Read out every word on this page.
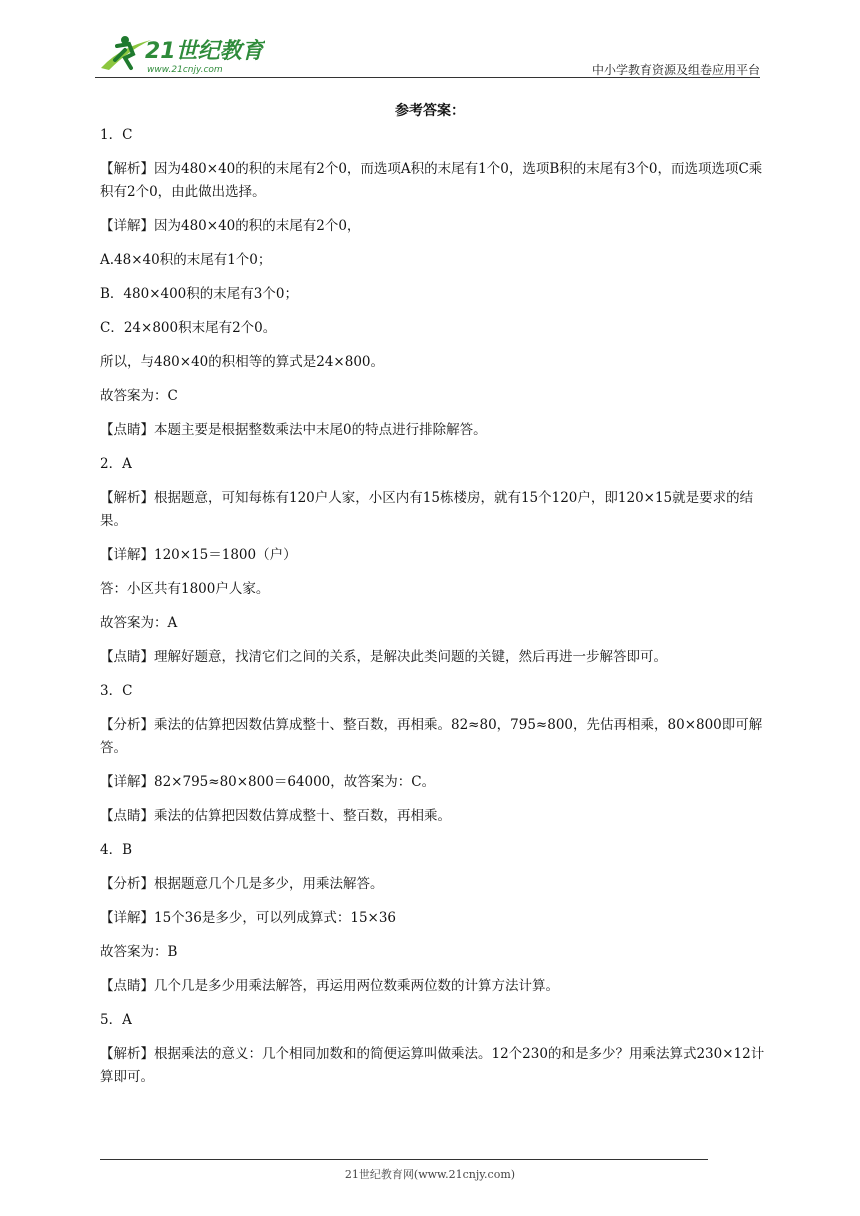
21世纪教育
www.21cnjy.com	中小学教育资源及组卷应用平台
参考答案：

1．C

【解析】因为480×40的积的末尾有2个0，而选项A积的末尾有1个0，选项B积的末尾有3个0，而选项选项C乘积有2个0，由此做出选择。

【详解】因为480×40的积的末尾有2个0，

A.48×40积的末尾有1个0；

B．480×400积的末尾有3个0；

C．24×800积末尾有2个0。

所以，与480×40的积相等的算式是24×800。

故答案为：C

【点睛】本题主要是根据整数乘法中末尾0的特点进行排除解答。

2．A

【解析】根据题意，可知每栋有120户人家，小区内有15栋楼房，就有15个120户，即120×15就是要求的结果。

【详解】120×15＝1800（户）

答：小区共有1800户人家。

故答案为：A

【点睛】理解好题意，找清它们之间的关系，是解决此类问题的关键，然后再进一步解答即可。

3．C

【分析】乘法的估算把因数估算成整十、整百数，再相乘。82≈80，795≈800，先估再相乘，80×800即可解答。

【详解】82×795≈80×800＝64000，故答案为：C。

【点睛】乘法的估算把因数估算成整十、整百数，再相乘。

4．B

【分析】根据题意几个几是多少，用乘法解答。

【详解】15个36是多少，可以列成算式：15×36

故答案为：B

【点睛】几个几是多少用乘法解答，再运用两位数乘两位数的计算方法计算。

5．A

【解析】根据乘法的意义：几个相同加数和的简便运算叫做乘法。12个230的和是多少？用乘法算式230×12计算即可。

21世纪教育网(www.21cnjy.com)
